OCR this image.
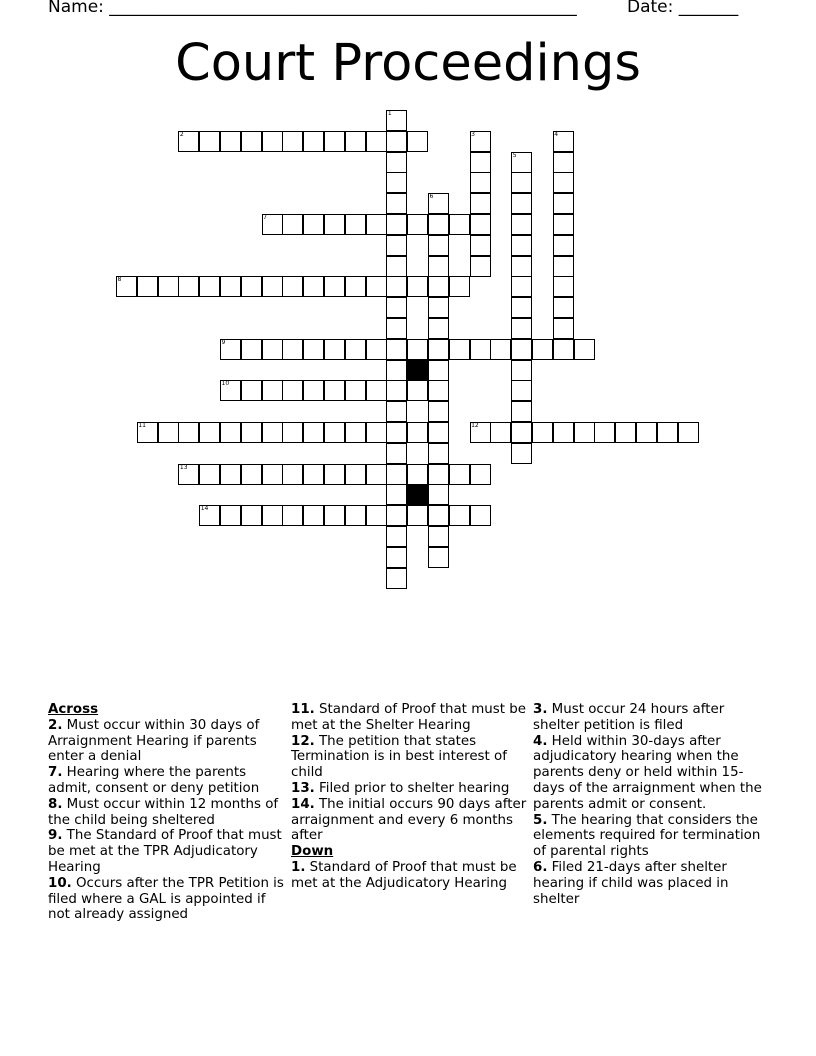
Name: _______________________________________________________	Date: _______
Court Proceedings
1
2	3	4
5
6
7
8
9
10
11	12
13
14
Across
2. Must occur within 30 days of Arraignment Hearing if parents enter a denial
7. Hearing where the parents admit, consent or deny petition
8. Must occur within 12 months of the child being sheltered
9. The Standard of Proof that must be met at the TPR Adjudicatory Hearing
10. Occurs after the TPR Petition is filed where a GAL is appointed if not already assigned
11. Standard of Proof that must be met at the Shelter Hearing
12. The petition that states Termination is in best interest of child
13. Filed prior to shelter hearing
14. The initial occurs 90 days after arraignment and every 6 months after
Down
1. Standard of Proof that must be met at the Adjudicatory Hearing
3. Must occur 24 hours after shelter petition is filed
4. Held within 30-days after adjudicatory hearing when the parents deny or held within 15-days of the arraignment when the parents admit or consent.
5. The hearing that considers the elements required for termination of parental rights
6. Filed 21-days after shelter hearing if child was placed in shelter
